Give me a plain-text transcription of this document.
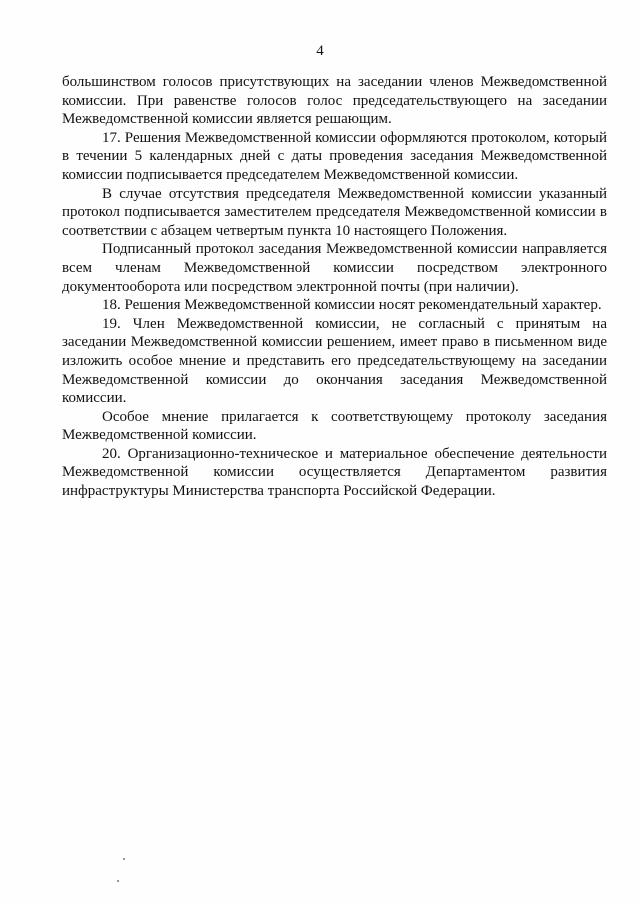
4

большинством голосов присутствующих на заседании членов Межведомственной комиссии. При равенстве голосов голос председательствующего на заседании Межведомственной комиссии является решающим.

17. Решения Межведомственной комиссии оформляются протоколом, который в течении 5 календарных дней с даты проведения заседания Межведомственной комиссии подписывается председателем Межведомственной комиссии.

В случае отсутствия председателя Межведомственной комиссии указанный протокол подписывается заместителем председателя Межведомственной комиссии в соответствии с абзацем четвертым пункта 10 настоящего Положения.

Подписанный протокол заседания Межведомственной комиссии направляется всем членам Межведомственной комиссии посредством электронного документооборота или посредством электронной почты (при наличии).

18. Решения Межведомственной комиссии носят рекомендательный характер.

19. Член Межведомственной комиссии, не согласный с принятым на заседании Межведомственной комиссии решением, имеет право в письменном виде изложить особое мнение и представить его председательствующему на заседании Межведомственной комиссии до окончания заседания Межведомственной комиссии.

Особое мнение прилагается к соответствующему протоколу заседания Межведомственной комиссии.

20. Организационно-техническое и материальное обеспечение деятельности Межведомственной комиссии осуществляется Департаментом развития инфраструктуры Министерства транспорта Российской Федерации.
